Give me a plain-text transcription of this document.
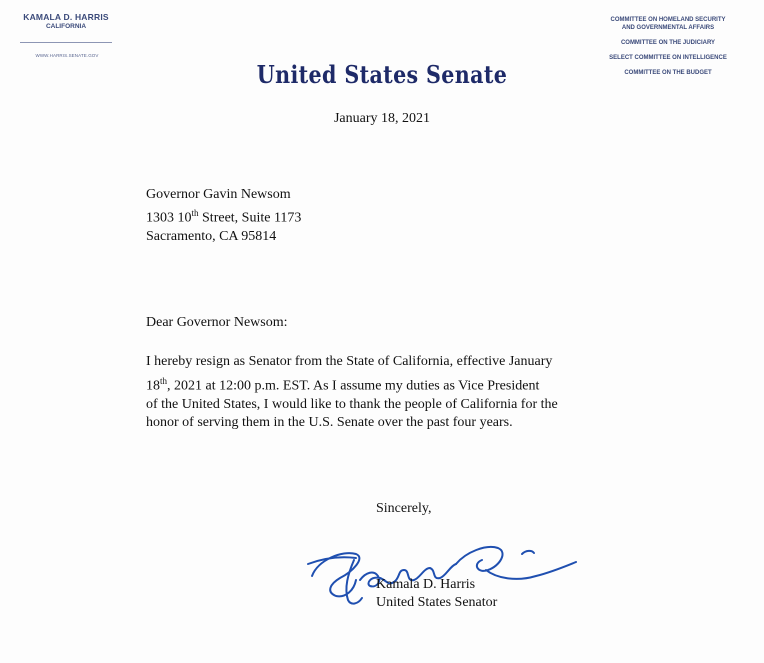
KAMALA D. HARRIS
CALIFORNIA
WWW.HARRIS.SENATE.GOV
COMMITTEE ON HOMELAND SECURITY
AND GOVERNMENTAL AFFAIRS
COMMITTEE ON THE JUDICIARY
SELECT COMMITTEE ON INTELLIGENCE
COMMITTEE ON THE BUDGET
United States Senate
January 18, 2021
Governor Gavin Newsom
1303 10th Street, Suite 1173
Sacramento, CA 95814
Dear Governor Newsom:
I hereby resign as Senator from the State of California, effective January
18th, 2021 at 12:00 p.m. EST. As I assume my duties as Vice President
of the United States, I would like to thank the people of California for the
honor of serving them in the U.S. Senate over the past four years.
Sincerely,
Kamala D. Harris
United States Senator
